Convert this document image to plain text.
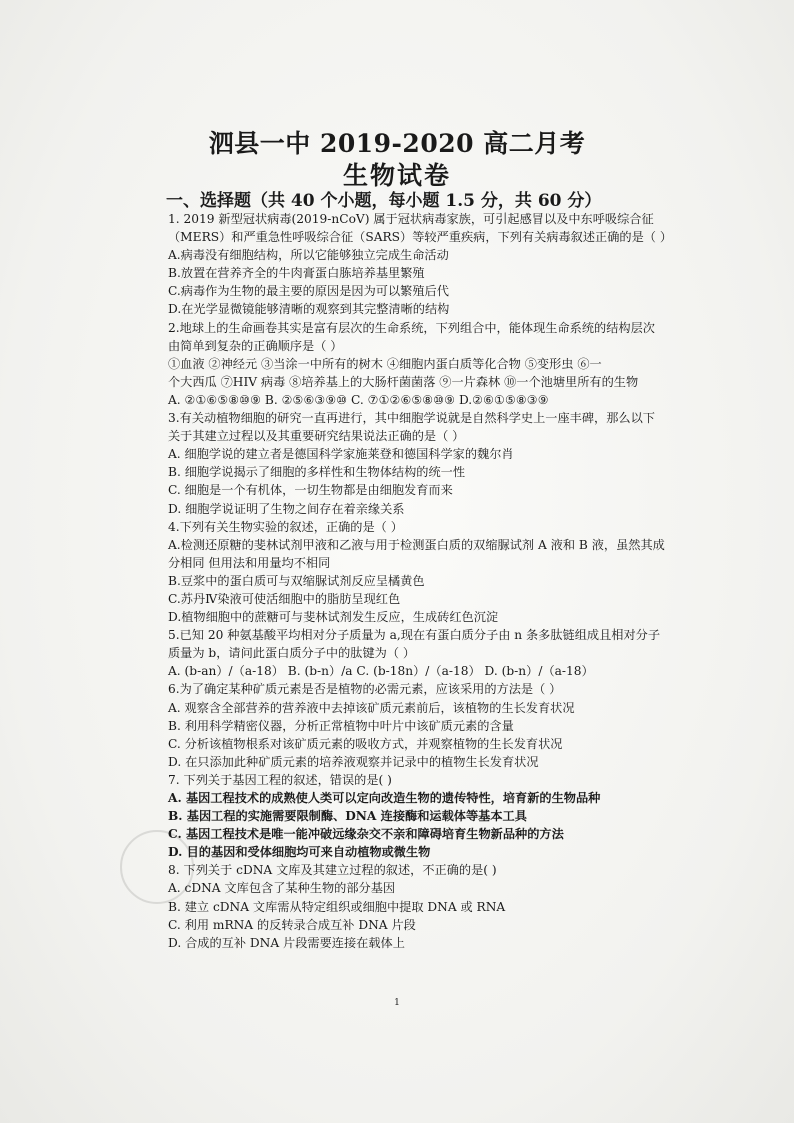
泗县一中 2019-2020 高二月考
生物试卷
一、选择题（共 40 个小题，每小题 1.5 分，共 60 分）
1. 2019 新型冠状病毒(2019-nCoV) 属于冠状病毒家族，可引起感冒以及中东呼吸综合征
（MERS）和严重急性呼吸综合征（SARS）等较严重疾病，下列有关病毒叙述正确的是（ ）
A.病毒没有细胞结构，所以它能够独立完成生命活动
B.放置在营养齐全的牛肉膏蛋白胨培养基里繁殖
C.病毒作为生物的最主要的原因是因为可以繁殖后代
D.在光学显微镜能够清晰的观察到其完整清晰的结构
2.地球上的生命画卷其实是富有层次的生命系统，下列组合中，能体现生命系统的结构层次
由简单到复杂的正确顺序是（ ）
①血液 ②神经元 ③当涂一中所有的树木 ④细胞内蛋白质等化合物 ⑤变形虫 ⑥一
个大西瓜 ⑦HIV 病毒 ⑧培养基上的大肠杆菌菌落 ⑨一片森林 ⑩一个池塘里所有的生物
A. ②①⑥⑤⑧⑩⑨ B. ②⑤⑥③⑨⑩ C. ⑦①②⑥⑤⑧⑩⑨ D.②⑥①⑤⑧③⑨
3.有关动植物细胞的研究一直再进行，其中细胞学说就是自然科学史上一座丰碑，那么以下
关于其建立过程以及其重要研究结果说法正确的是（ ）
A. 细胞学说的建立者是德国科学家施莱登和德国科学家的魏尔肖
B. 细胞学说揭示了细胞的多样性和生物体结构的统一性
C. 细胞是一个有机体，一切生物都是由细胞发育而来
D. 细胞学说证明了生物之间存在着亲缘关系
4.下列有关生物实验的叙述，正确的是（ ）
A.检测还原糖的斐林试剂甲液和乙液与用于检测蛋白质的双缩脲试剂 A 液和 B 液，虽然其成
分相同 但用法和用量均不相同
B.豆浆中的蛋白质可与双缩脲试剂反应呈橘黄色
C.苏丹Ⅳ染液可使活细胞中的脂肪呈现红色
D.植物细胞中的蔗糖可与斐林试剂发生反应，生成砖红色沉淀
5.已知 20 种氨基酸平均相对分子质量为 a,现在有蛋白质分子由 n 条多肽链组成且相对分子
质量为 b，请问此蛋白质分子中的肽键为（ ）
A. (b-an）/（a-18） B. (b-n）/a C. (b-18n）/（a-18） D. (b-n）/（a-18）
6.为了确定某种矿质元素是否是植物的必需元素，应该采用的方法是（ ）
A. 观察含全部营养的营养液中去掉该矿质元素前后，该植物的生长发育状况
B. 利用科学精密仪器，分析正常植物中叶片中该矿质元素的含量
C. 分析该植物根系对该矿质元素的吸收方式，并观察植物的生长发育状况
D. 在只添加此种矿质元素的培养液观察并记录中的植物生长发育状况
7. 下列关于基因工程的叙述，错误的是( )
A. 基因工程技术的成熟使人类可以定向改造生物的遗传特性，培育新的生物品种
B. 基因工程的实施需要限制酶、DNA 连接酶和运载体等基本工具
C. 基因工程技术是唯一能冲破远缘杂交不亲和障碍培育生物新品种的方法
D. 目的基因和受体细胞均可来自动植物或微生物
8. 下列关于 cDNA 文库及其建立过程的叙述，不正确的是( )
A. cDNA 文库包含了某种生物的部分基因
B. 建立 cDNA 文库需从特定组织或细胞中提取 DNA 或 RNA
C. 利用 mRNA 的反转录合成互补 DNA 片段
D. 合成的互补 DNA 片段需要连接在载体上
1
